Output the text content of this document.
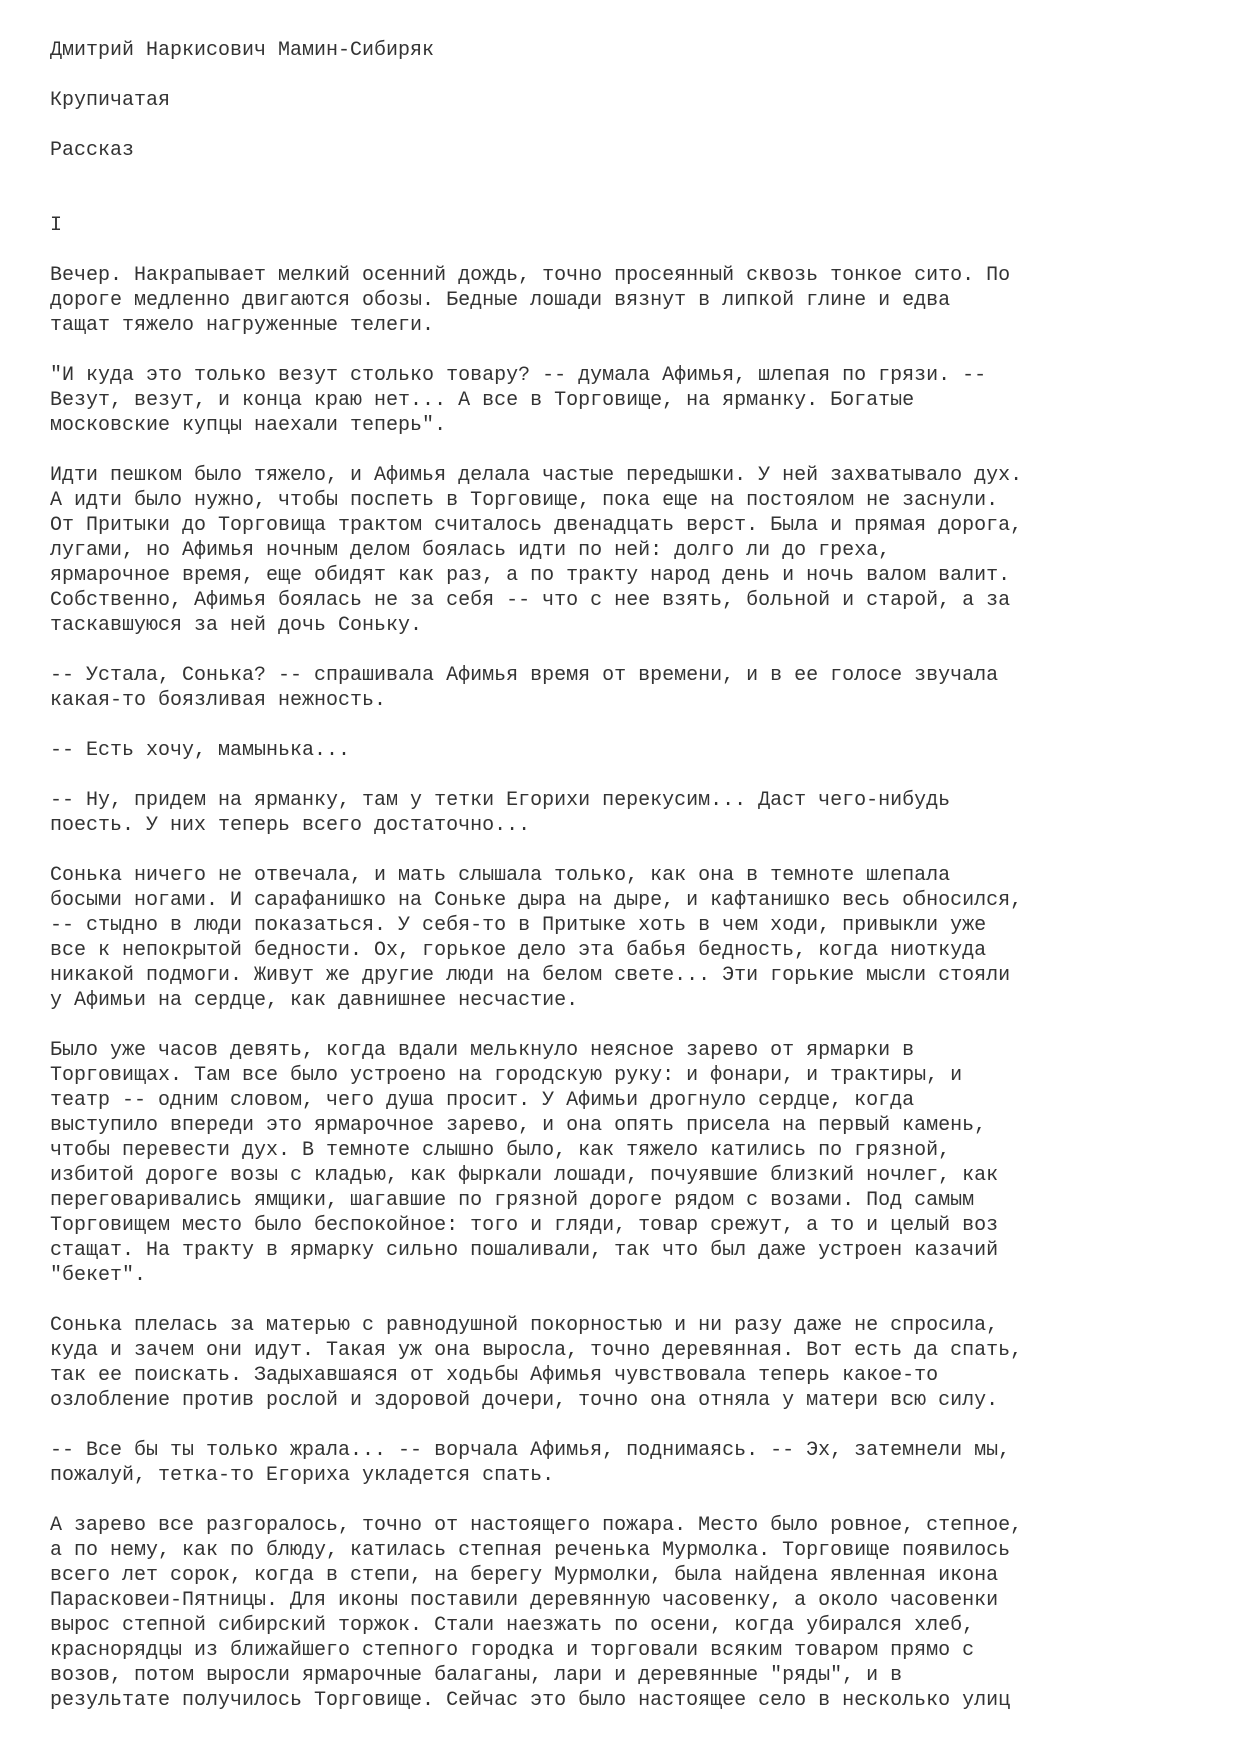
Дмитрий Наркисович Мамин-Сибиряк
Крупичатая
Рассказ
I
Вечер. Накрапывает мелкий осенний дождь, точно просеянный сквозь тонкое сито. По
дороге медленно двигаются обозы. Бедные лошади вязнут в липкой глине и едва
тащат тяжело нагруженные телеги.
"И куда это только везут столько товару? -- думала Афимья, шлепая по грязи. --
Везут, везут, и конца краю нет... А все в Торговище, на ярманку. Богатые
московские купцы наехали теперь".
Идти пешком было тяжело, и Афимья делала частые передышки. У ней захватывало дух.
А идти было нужно, чтобы поспеть в Торговище, пока еще на постоялом не заснули.
От Притыки до Торговища трактом считалось двенадцать верст. Была и прямая дорога,
лугами, но Афимья ночным делом боялась идти по ней: долго ли до греха,
ярмарочное время, еще обидят как раз, а по тракту народ день и ночь валом валит.
Собственно, Афимья боялась не за себя -- что с нее взять, больной и старой, а за
таскавшуюся за ней дочь Соньку.
-- Устала, Сонька? -- спрашивала Афимья время от времени, и в ее голосе звучала
какая-то боязливая нежность.
-- Есть хочу, мамынька...
-- Ну, придем на ярманку, там у тетки Егорихи перекусим... Даст чего-нибудь
поесть. У них теперь всего достаточно...
Сонька ничего не отвечала, и мать слышала только, как она в темноте шлепала
босыми ногами. И сарафанишко на Соньке дыра на дыре, и кафтанишко весь обносился,
-- стыдно в люди показаться. У себя-то в Притыке хоть в чем ходи, привыкли уже
все к непокрытой бедности. Ох, горькое дело эта бабья бедность, когда ниоткуда
никакой подмоги. Живут же другие люди на белом свете... Эти горькие мысли стояли
у Афимьи на сердце, как давнишнее несчастие.
Было уже часов девять, когда вдали мелькнуло неясное зарево от ярмарки в
Торговищах. Там все было устроено на городскую руку: и фонари, и трактиры, и
театр -- одним словом, чего душа просит. У Афимьи дрогнуло сердце, когда
выступило впереди это ярмарочное зарево, и она опять присела на первый камень,
чтобы перевести дух. В темноте слышно было, как тяжело катились по грязной,
избитой дороге возы с кладью, как фыркали лошади, почуявшие близкий ночлег, как
переговаривались ямщики, шагавшие по грязной дороге рядом с возами. Под самым
Торговищем место было беспокойное: того и гляди, товар срежут, а то и целый воз
стащат. На тракту в ярмарку сильно пошаливали, так что был даже устроен казачий
"бекет".
Сонька плелась за матерью с равнодушной покорностью и ни разу даже не спросила,
куда и зачем они идут. Такая уж она выросла, точно деревянная. Вот есть да спать,
так ее поискать. Задыхавшаяся от ходьбы Афимья чувствовала теперь какое-то
озлобление против рослой и здоровой дочери, точно она отняла у матери всю силу.
-- Все бы ты только жрала... -- ворчала Афимья, поднимаясь. -- Эх, затемнели мы,
пожалуй, тетка-то Егориха укладется спать.
А зарево все разгоралось, точно от настоящего пожара. Место было ровное, степное,
а по нему, как по блюду, катилась степная реченька Мурмолка. Торговище появилось
всего лет сорок, когда в степи, на берегу Мурмолки, была найдена явленная икона
Парасковеи-Пятницы. Для иконы поставили деревянную часовенку, а около часовенки
вырос степной сибирский торжок. Стали наезжать по осени, когда убирался хлеб,
краснорядцы из ближайшего степного городка и торговали всяким товаром прямо с
возов, потом выросли ярмарочные балаганы, лари и деревянные "ряды", и в
результате получилось Торговище. Сейчас это было настоящее село в несколько улиц
